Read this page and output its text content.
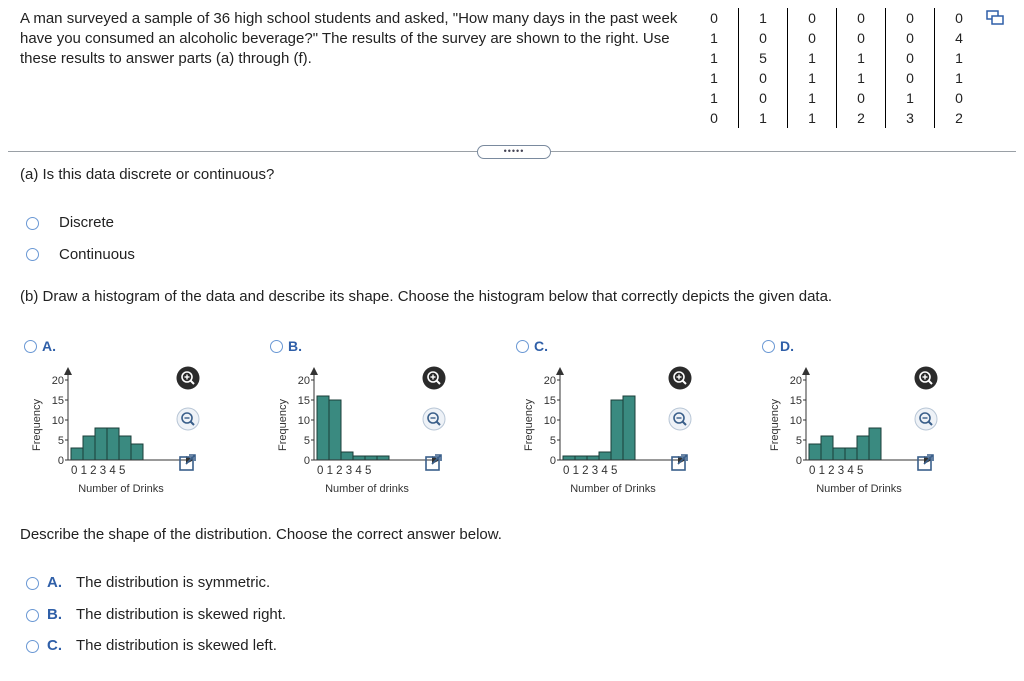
A man surveyed a sample of 36 high school students and asked, "How many days in the past week have you consumed an alcoholic beverage?" The results of the survey are shown to the right. Use these results to answer parts (a) through (f).
0	1	0	0	0	0
1	0	0	0	0	4
1	5	1	1	0	1
1	0	1	1	0	1
1	0	1	0	1	0
0	1	1	2	3	2
•••••
(a) Is this data discrete or continuous?
Discrete
Continuous
(b) Draw a histogram of the data and describe its shape. Choose the histogram below that correctly depicts the given data.
A.
Frequency
20
15
10
5
0
0 1 2 3 4 5
Number of Drinks
B.
Frequency
20
15
10
5
0
0 1 2 3 4 5
Number of drinks
C.
Frequency
20
15
10
5
0
0 1 2 3 4 5
Number of Drinks
D.
Frequency
20
15
10
5
0
0 1 2 3 4 5
Number of Drinks
Describe the shape of the distribution. Choose the correct answer below.
A. The distribution is symmetric.
B. The distribution is skewed right.
C. The distribution is skewed left.
